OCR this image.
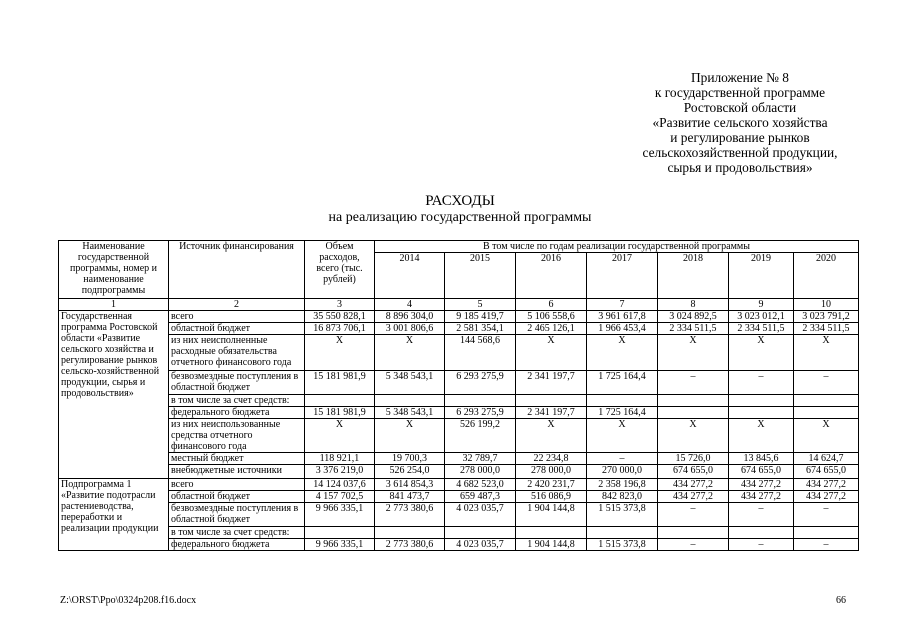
Приложение № 8
к государственной программе
Ростовской области
«Развитие сельского хозяйства
и регулирование рынков
сельскохозяйственной продукции,
сырья и продовольствия»
РАСХОДЫ
на реализацию государственной программы
Наименование государственной программы, номер и наименование подпрограммы	Источник финансирования	Объем расходов, всего (тыс. рублей)	В том числе по годам реализации государственной программы						
			2014	2015	2016	2017	2018	2019	2020
1	2	3	4	5	6	7	8	9	10
Государственная программа Ростовской области «Развитие сельского хозяйства и регулирование рынков сельско-хозяйственной продукции, сырья и продовольствия»	всего	35 550 828,1	8 896 304,0	9 185 419,7	5 106 558,6	3 961 617,8	3 024 892,5	3 023 012,1	3 023 791,2
	областной бюджет	16 873 706,1	3 001 806,6	2 581 354,1	2 465 126,1	1 966 453,4	2 334 511,5	2 334 511,5	2 334 511,5
	из них неисполненные расходные обязательства отчетного финансового года	Х	Х	144 568,6	Х	Х	Х	Х	Х
	безвозмездные поступления в областной бюджет	15 181 981,9	5 348 543,1	6 293 275,9	2 341 197,7	1 725 164,4	–	–	–
	в том числе за счет средств:								
	федерального бюджета	15 181 981,9	5 348 543,1	6 293 275,9	2 341 197,7	1 725 164,4			
	из них неиспользованные средства отчетного финансового года	Х	Х	526 199,2	Х	Х	Х	Х	Х
	местный бюджет	118 921,1	19 700,3	32 789,7	22 234,8	–	15 726,0	13 845,6	14 624,7
	внебюджетные источники	3 376 219,0	526 254,0	278 000,0	278 000,0	270 000,0	674 655,0	674 655,0	674 655,0
Подпрограмма 1 «Развитие подотрасли растениеводства, переработки и реализации продукции	всего	14 124 037,6	3 614 854,3	4 682 523,0	2 420 231,7	2 358 196,8	434 277,2	434 277,2	434 277,2
	областной бюджет	4 157 702,5	841 473,7	659 487,3	516 086,9	842 823,0	434 277,2	434 277,2	434 277,2
	безвозмездные поступления в областной бюджет	9 966 335,1	2 773 380,6	4 023 035,7	1 904 144,8	1 515 373,8	–	–	–
	в том числе за счет средств:								
	федерального бюджета	9 966 335,1	2 773 380,6	4 023 035,7	1 904 144,8	1 515 373,8	–	–	–
Z:\ORST\Ppo\0324p208.f16.docx	66
